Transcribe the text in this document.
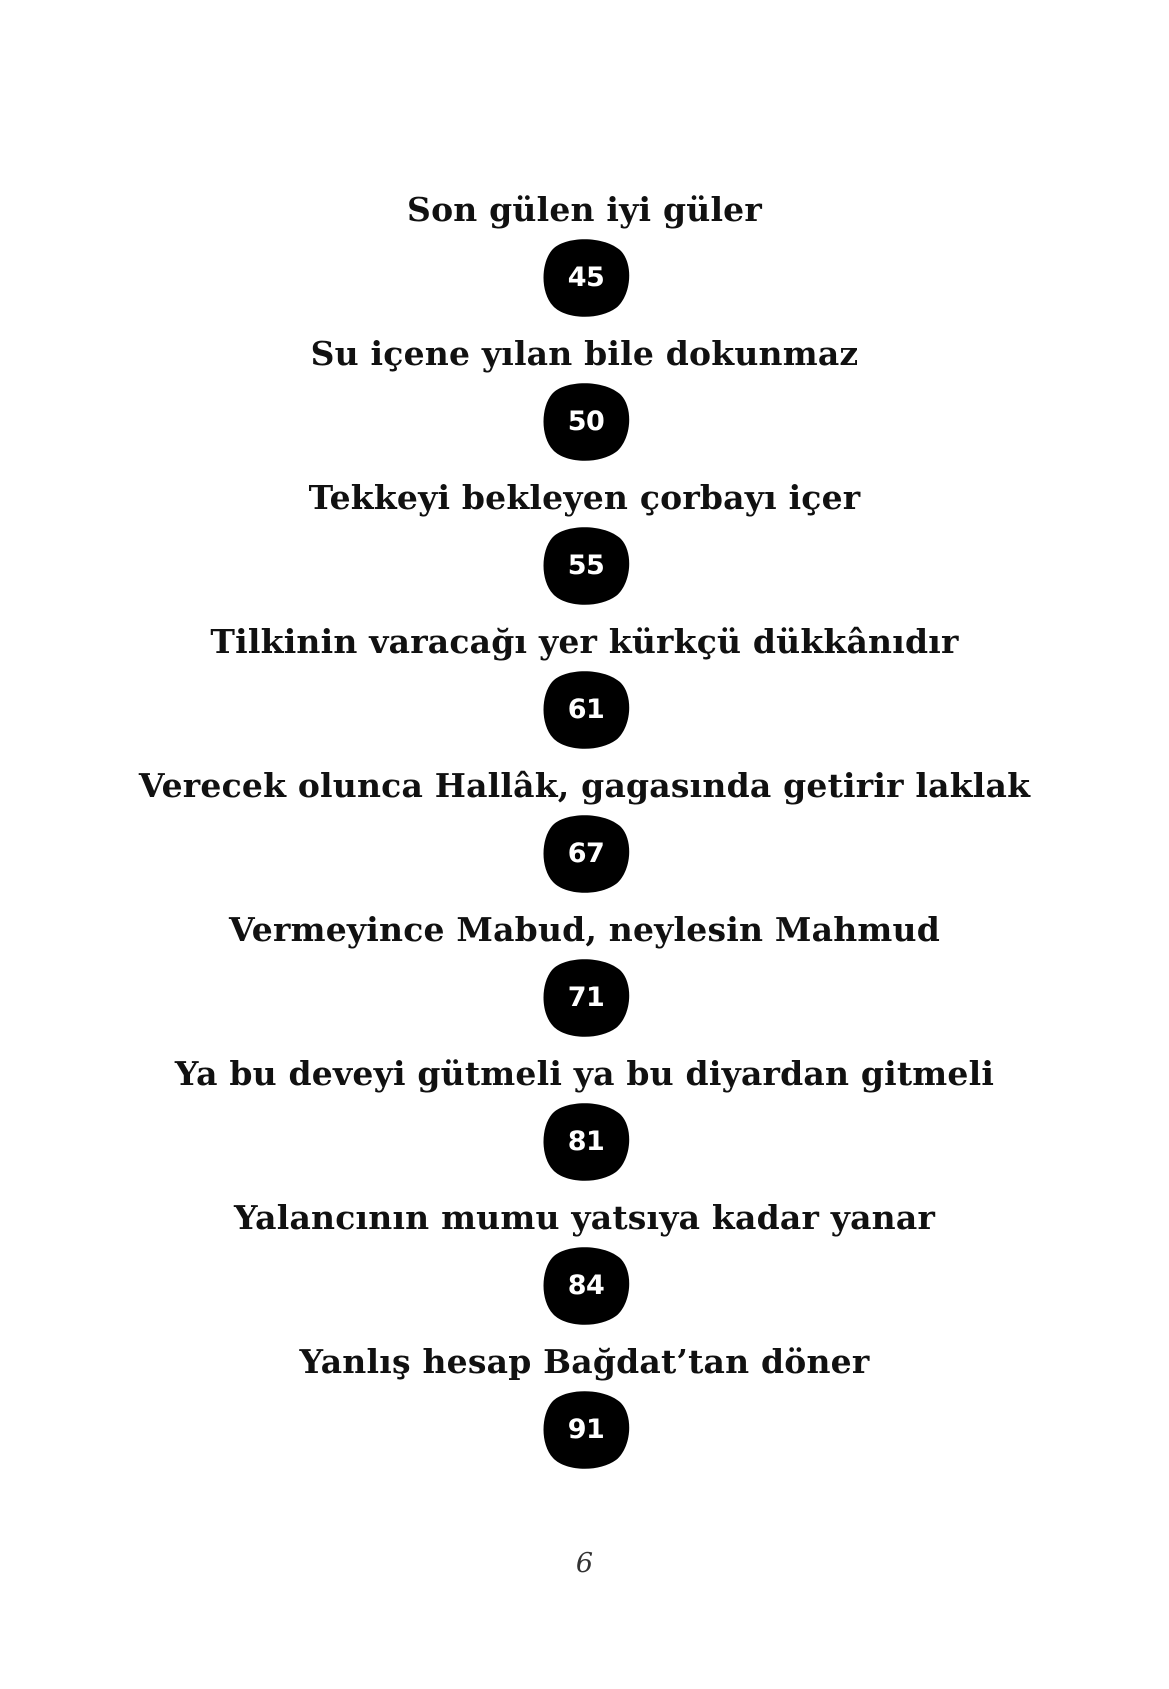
Son gülen iyi güler
45
Su içene yılan bile dokunmaz
50
Tekkeyi bekleyen çorbayı içer
55
Tilkinin varacağı yer kürkçü dükkânıdır
61
Verecek olunca Hallâk, gagasında getirir laklak
67
Vermeyince Mabud, neylesin Mahmud
71
Ya bu deveyi gütmeli ya bu diyardan gitmeli
81
Yalancının mumu yatsıya kadar yanar
84
Yanlış hesap Bağdat’tan döner
91
6
